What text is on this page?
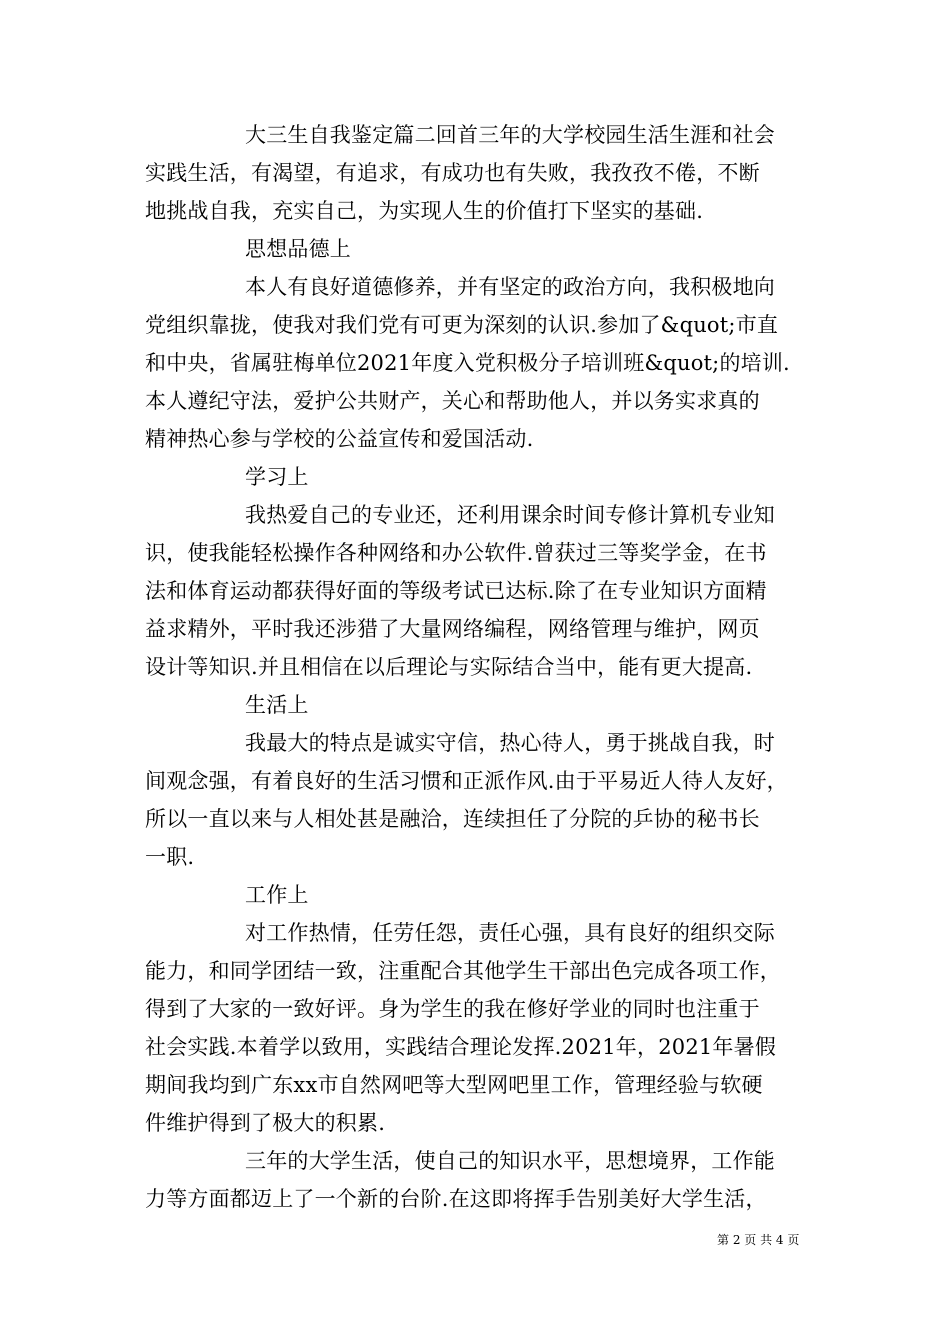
大三生自我鉴定篇二回首三年的大学校园生活生涯和社会
实践生活，有渴望，有追求，有成功也有失败，我孜孜不倦，不断
地挑战自我，充实自己，为实现人生的价值打下坚实的基础.
思想品德上
本人有良好道德修养，并有坚定的政治方向，我积极地向
党组织靠拢，使我对我们党有可更为深刻的认识.参加了&quot;市直
和中央，省属驻梅单位2021年度入党积极分子培训班&quot;的培训.
本人遵纪守法，爱护公共财产，关心和帮助他人，并以务实求真的
精神热心参与学校的公益宣传和爱国活动.
学习上
我热爱自己的专业还，还利用课余时间专修计算机专业知
识，使我能轻松操作各种网络和办公软件.曾获过三等奖学金，在书
法和体育运动都获得好面的等级考试已达标.除了在专业知识方面精
益求精外，平时我还涉猎了大量网络编程，网络管理与维护，网页
设计等知识.并且相信在以后理论与实际结合当中，能有更大提高.
生活上
我最大的特点是诚实守信，热心待人，勇于挑战自我，时
间观念强，有着良好的生活习惯和正派作风.由于平易近人待人友好，
所以一直以来与人相处甚是融洽，连续担任了分院的乒协的秘书长
一职.
工作上
对工作热情，任劳任怨，责任心强，具有良好的组织交际
能力，和同学团结一致，注重配合其他学生干部出色完成各项工作，
得到了大家的一致好评。身为学生的我在修好学业的同时也注重于
社会实践.本着学以致用，实践结合理论发挥.2021年，2021年暑假
期间我均到广东xx市自然网吧等大型网吧里工作，管理经验与软硬
件维护得到了极大的积累.
三年的大学生活，使自己的知识水平，思想境界，工作能
力等方面都迈上了一个新的台阶.在这即将挥手告别美好大学生活，
第 2 页 共 4 页
